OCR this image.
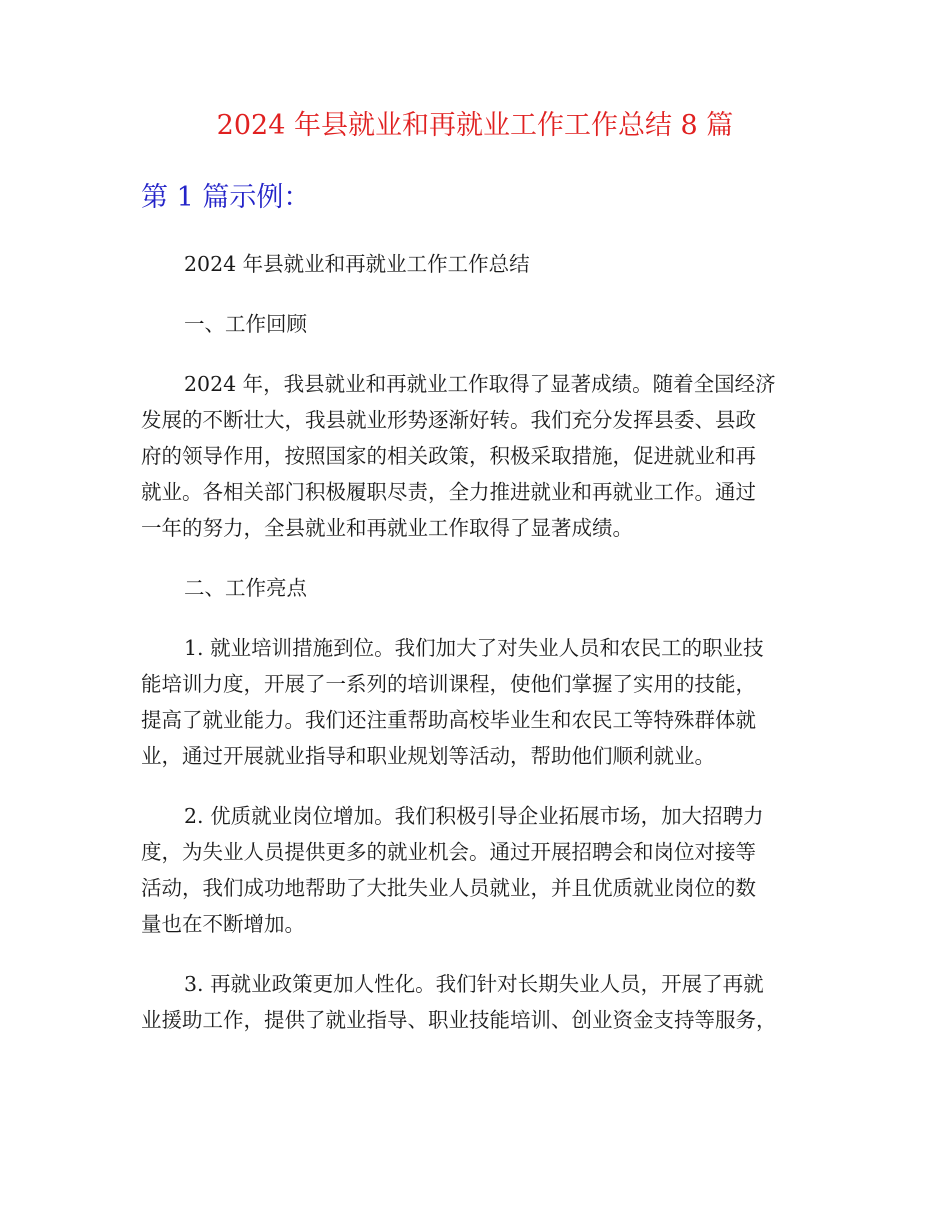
2024 年县就业和再就业工作工作总结 8 篇
第 1 篇示例：
2024 年县就业和再就业工作工作总结
一、工作回顾
2024 年，我县就业和再就业工作取得了显著成绩。随着全国经济
发展的不断壮大，我县就业形势逐渐好转。我们充分发挥县委、县政
府的领导作用，按照国家的相关政策，积极采取措施，促进就业和再
就业。各相关部门积极履职尽责，全力推进就业和再就业工作。通过
一年的努力，全县就业和再就业工作取得了显著成绩。
二、工作亮点
1. 就业培训措施到位。我们加大了对失业人员和农民工的职业技
能培训力度，开展了一系列的培训课程，使他们掌握了实用的技能，
提高了就业能力。我们还注重帮助高校毕业生和农民工等特殊群体就
业，通过开展就业指导和职业规划等活动，帮助他们顺利就业。
2. 优质就业岗位增加。我们积极引导企业拓展市场，加大招聘力
度，为失业人员提供更多的就业机会。通过开展招聘会和岗位对接等
活动，我们成功地帮助了大批失业人员就业，并且优质就业岗位的数
量也在不断增加。
3. 再就业政策更加人性化。我们针对长期失业人员，开展了再就
业援助工作，提供了就业指导、职业技能培训、创业资金支持等服务，
